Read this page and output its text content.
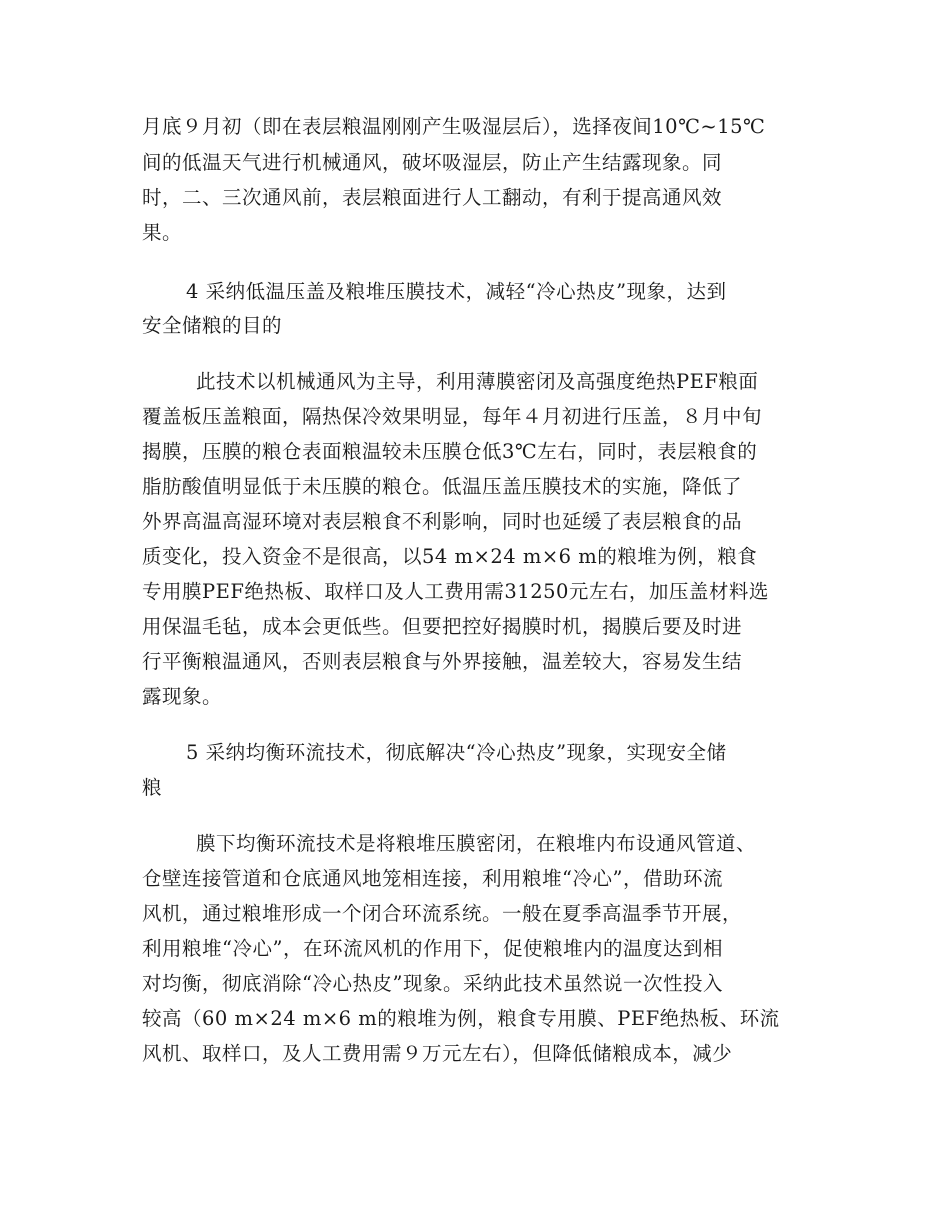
月底９月初（即在表层粮温刚刚产生吸湿层后），选择夜间10℃~15℃
间的低温天气进行机械通风，破坏吸湿层，防止产生结露现象。同
时，二、三次通风前，表层粮面进行人工翻动，有利于提高通风效
果。
4 采纳低温压盖及粮堆压膜技术，减轻“冷心热皮”现象，达到
安全储粮的目的
此技术以机械通风为主导，利用薄膜密闭及高强度绝热PEF粮面
覆盖板压盖粮面，隔热保冷效果明显，每年４月初进行压盖，８月中旬
揭膜，压膜的粮仓表面粮温较未压膜仓低3℃左右，同时，表层粮食的
脂肪酸值明显低于未压膜的粮仓。低温压盖压膜技术的实施，降低了
外界高温高湿环境对表层粮食不利影响，同时也延缓了表层粮食的品
质变化，投入资金不是很高，以54 m×24 m×6 m的粮堆为例，粮食
专用膜PEF绝热板、取样口及人工费用需31250元左右，加压盖材料选
用保温毛毡，成本会更低些。但要把控好揭膜时机，揭膜后要及时进
行平衡粮温通风，否则表层粮食与外界接触，温差较大，容易发生结
露现象。
5 采纳均衡环流技术，彻底解决“冷心热皮”现象，实现安全储
粮
膜下均衡环流技术是将粮堆压膜密闭，在粮堆内布设通风管道、
仓壁连接管道和仓底通风地笼相连接，利用粮堆“冷心”，借助环流
风机，通过粮堆形成一个闭合环流系统。一般在夏季高温季节开展，
利用粮堆“冷心”，在环流风机的作用下，促使粮堆内的温度达到相
对均衡，彻底消除“冷心热皮”现象。采纳此技术虽然说一次性投入
较高（60 m×24 m×6 m的粮堆为例，粮食专用膜、PEF绝热板、环流
风机、取样口，及人工费用需９万元左右），但降低储粮成本，减少
